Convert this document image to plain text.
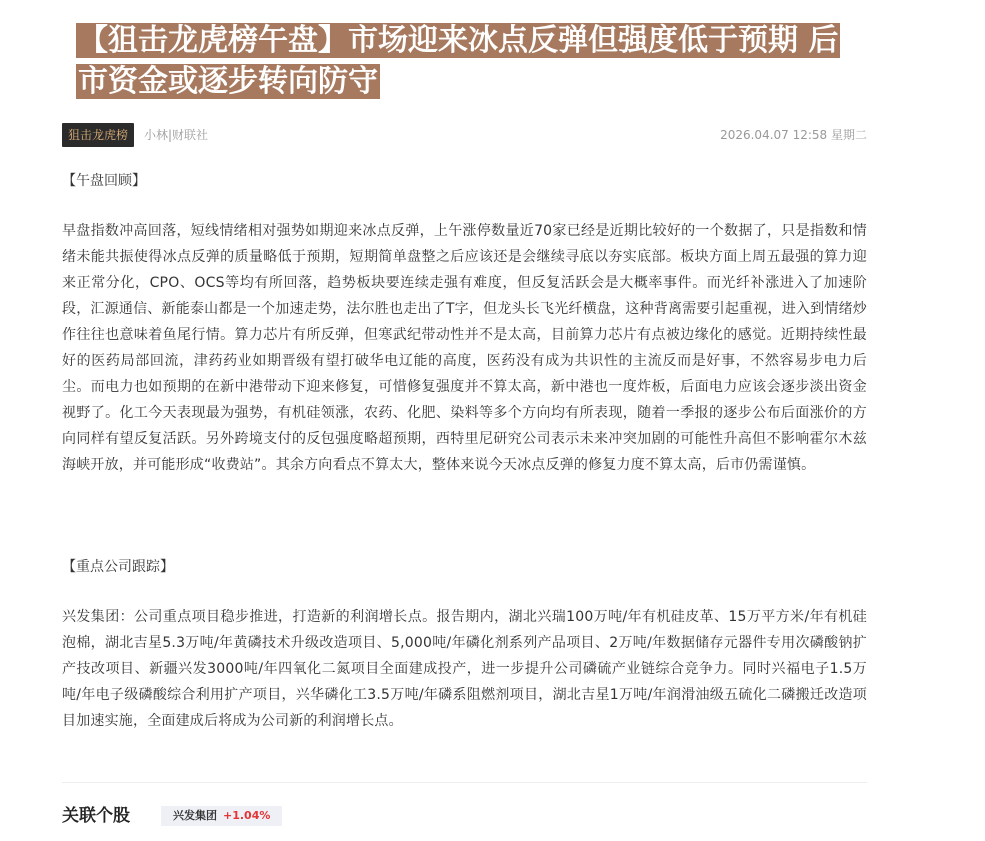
【狙击龙虎榜午盘】市场迎来冰点反弹但强度低于预期 后市资金或逐步转向防守
狙击龙虎榜	小林|财联社	2026.04.07 12:58 星期二
【午盘回顾】
早盘指数冲高回落，短线情绪相对强势如期迎来冰点反弹，上午涨停数量近70家已经是近期比较好的一个数据了，只是指数和情绪未能共振使得冰点反弹的质量略低于预期，短期简单盘整之后应该还是会继续寻底以夯实底部。板块方面上周五最强的算力迎来正常分化，CPO、OCS等均有所回落，趋势板块要连续走强有难度，但反复活跃会是大概率事件。而光纤补涨进入了加速阶段，汇源通信、新能泰山都是一个加速走势，法尔胜也走出了T字，但龙头长飞光纤横盘，这种背离需要引起重视，进入到情绪炒作往往也意味着鱼尾行情。算力芯片有所反弹，但寒武纪带动性并不是太高，目前算力芯片有点被边缘化的感觉。近期持续性最好的医药局部回流，津药药业如期晋级有望打破华电辽能的高度，医药没有成为共识性的主流反而是好事，不然容易步电力后尘。而电力也如预期的在新中港带动下迎来修复，可惜修复强度并不算太高，新中港也一度炸板，后面电力应该会逐步淡出资金视野了。化工今天表现最为强势，有机硅领涨，农药、化肥、染料等多个方向均有所表现，随着一季报的逐步公布后面涨价的方向同样有望反复活跃。另外跨境支付的反包强度略超预期，西特里尼研究公司表示未来冲突加剧的可能性升高但不影响霍尔木兹海峡开放，并可能形成“收费站”。其余方向看点不算太大，整体来说今天冰点反弹的修复力度不算太高，后市仍需谨慎。
【重点公司跟踪】
兴发集团：公司重点项目稳步推进，打造新的利润增长点。报告期内，湖北兴瑞100万吨/年有机硅皮革、15万平方米/年有机硅泡棉，湖北吉星5.3万吨/年黄磷技术升级改造项目、5,000吨/年磷化剂系列产品项目、2万吨/年数据储存元器件专用次磷酸钠扩产技改项目、新疆兴发3000吨/年四氧化二氮项目全面建成投产，进一步提升公司磷硫产业链综合竞争力。同时兴福电子1.5万吨/年电子级磷酸综合利用扩产项目，兴华磷化工3.5万吨/年磷系阻燃剂项目，湖北吉星1万吨/年润滑油级五硫化二磷搬迁改造项目加速实施，全面建成后将成为公司新的利润增长点。
关联个股	兴发集团 +1.04%
